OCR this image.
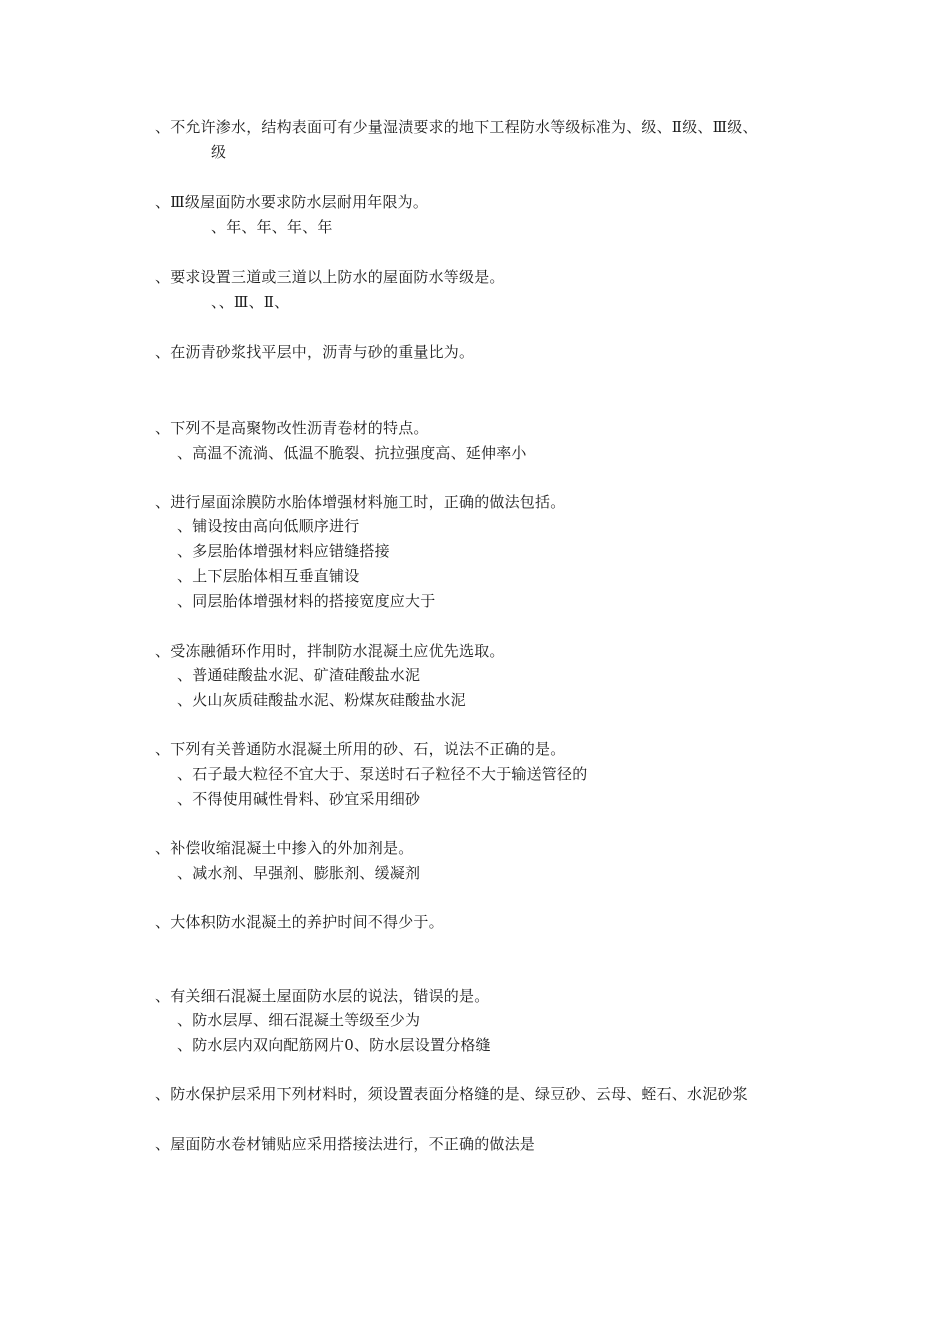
、不允许渗水，结构表面可有少量湿渍要求的地下工程防水等级标准为、级、Ⅱ级、Ⅲ级、
级
、Ⅲ级屋面防水要求防水层耐用年限为。
、年、年、年、年
、要求设置三道或三道以上防水的屋面防水等级是。
、、Ⅲ、Ⅱ、
、在沥青砂浆找平层中，沥青与砂的重量比为。
、下列不是高聚物改性沥青卷材的特点。
、高温不流淌、低温不脆裂、抗拉强度高、延伸率小
、进行屋面涂膜防水胎体增强材料施工时，正确的做法包括。
、铺设按由高向低顺序进行
、多层胎体增强材料应错缝搭接
、上下层胎体相互垂直铺设
、同层胎体增强材料的搭接宽度应大于
、受冻融循环作用时，拌制防水混凝土应优先选取。
、普通硅酸盐水泥、矿渣硅酸盐水泥
、火山灰质硅酸盐水泥、粉煤灰硅酸盐水泥
、下列有关普通防水混凝土所用的砂、石，说法不正确的是。
、石子最大粒径不宜大于、泵送时石子粒径不大于输送管径的
、不得使用碱性骨料、砂宜采用细砂
、补偿收缩混凝土中掺入的外加剂是。
、减水剂、早强剂、膨胀剂、缓凝剂
、大体积防水混凝土的养护时间不得少于。
、有关细石混凝土屋面防水层的说法，错误的是。
、防水层厚、细石混凝土等级至少为
、防水层内双向配筋网片0、防水层设置分格缝
、防水保护层采用下列材料时，须设置表面分格缝的是、绿豆砂、云母、蛭石、水泥砂浆
、屋面防水卷材铺贴应采用搭接法进行，不正确的做法是
